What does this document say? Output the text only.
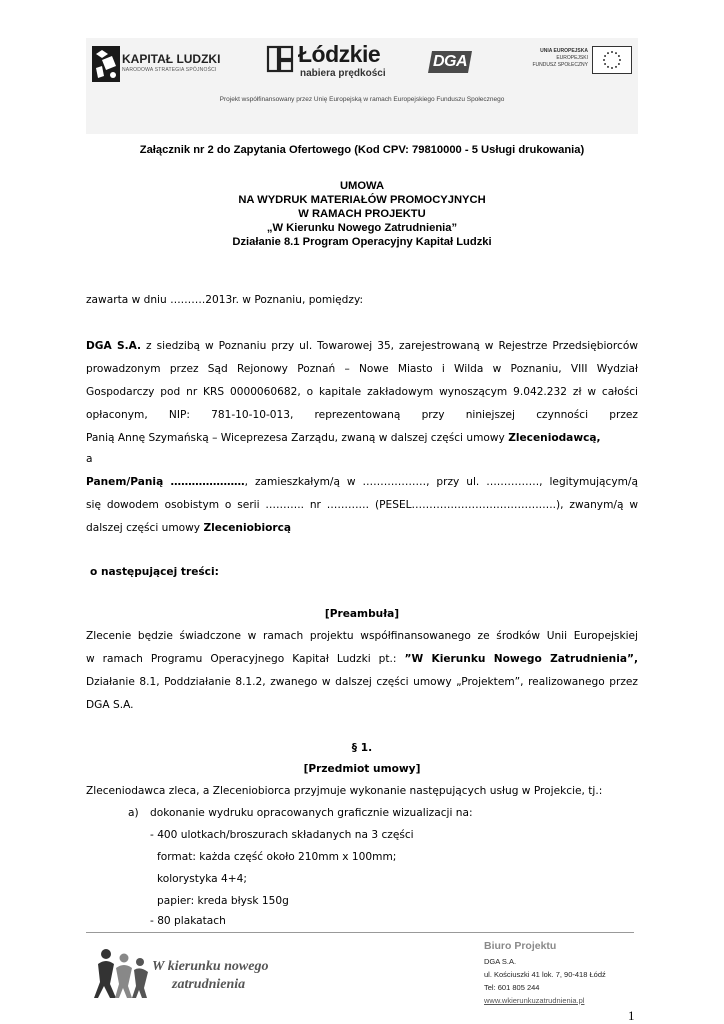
KAPITAŁ LUDZKI
NARODOWA STRATEGIA SPÓJNOŚCI
Łódzkie
nabiera prędkości
DGA
UNIA EUROPEJSKA
EUROPEJSKI
FUNDUSZ SPOŁECZNY
Projekt współfinansowany przez Unię Europejską w ramach Europejskiego Funduszu Społecznego
Załącznik nr 2 do Zapytania Ofertowego (Kod CPV: 79810000 - 5 Usługi drukowania)
UMOWA
NA WYDRUK MATERIAŁÓW PROMOCYJNYCH
W RAMACH PROJEKTU
„W Kierunku Nowego Zatrudnienia”
Działanie 8.1 Program Operacyjny Kapitał Ludzki
zawarta w dniu ……….2013r. w Poznaniu, pomiędzy:
DGA S.A. z siedzibą w Poznaniu przy ul. Towarowej 35, zarejestrowaną w Rejestrze Przedsiębiorców
prowadzonym przez Sąd Rejonowy Poznań – Nowe Miasto i Wilda w Poznaniu, VIII Wydział
Gospodarczy pod nr KRS 0000060682, o kapitale zakładowym wynoszącym 9.042.232 zł w całości
opłaconym, NIP: 781-10-10-013, reprezentowaną przy niniejszej czynności przez
Panią Annę Szymańską – Wiceprezesa Zarządu, zwaną w dalszej części umowy Zleceniodawcą,
a
Panem/Panią …………………, zamieszkałym/ą w ………………, przy ul. ……………, legitymującym/ą
się dowodem osobistym o serii ……….. nr ………… (PESEL…………………………………..), zwanym/ą w
dalszej części umowy Zleceniobiorcą
o następującej treści:
[Preambuła]
Zlecenie będzie świadczone w ramach projektu współfinansowanego ze środków Unii Europejskiej
w ramach Programu Operacyjnego Kapitał Ludzki pt.: ”W Kierunku Nowego Zatrudnienia”,
Działanie 8.1, Poddziałanie 8.1.2, zwanego w dalszej części umowy „Projektem”, realizowanego przez
DGA S.A.
§ 1.
[Przedmiot umowy]
Zleceniodawca zleca, a Zleceniobiorca przyjmuje wykonanie następujących usług w Projekcie, tj.:
a) dokonanie wydruku opracowanych graficznie wizualizacji na:
- 400 ulotkach/broszurach składanych na 3 części
format: każda część około 210mm x 100mm;
kolorystyka 4+4;
papier: kreda błysk 150g
- 80 plakatach
W kierunku nowego
zatrudnienia
Biuro Projektu
DGA S.A.
ul. Kościuszki 41 lok. 7, 90-418 Łódź
Tel: 601 805 244
www.wkierunkuzatrudnienia.pl
1
